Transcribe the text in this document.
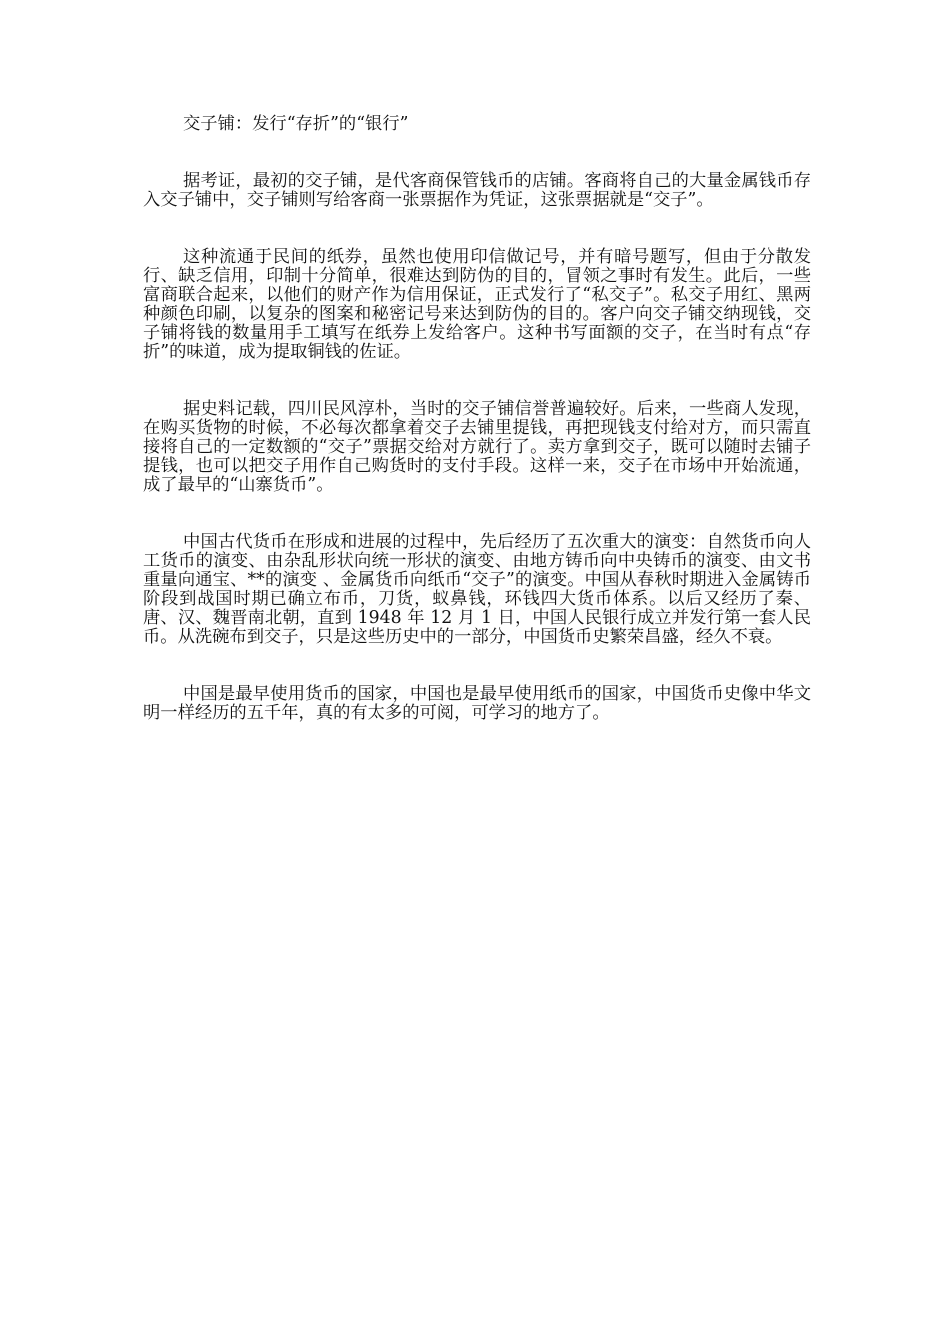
交子铺：发行“存折”的“银行”

据考证，最初的交子铺，是代客商保管钱币的店铺。客商将自己的大量金属钱币存入交子铺中，交子铺则写给客商一张票据作为凭证，这张票据就是“交子”。

这种流通于民间的纸券，虽然也使用印信做记号，并有暗号题写，但由于分散发行、缺乏信用，印制十分简单，很难达到防伪的目的，冒领之事时有发生。此后，一些富商联合起来，以他们的财产作为信用保证，正式发行了“私交子”。私交子用红、黑两种颜色印刷，以复杂的图案和秘密记号来达到防伪的目的。客户向交子铺交纳现钱，交子铺将钱的数量用手工填写在纸券上发给客户。这种书写面额的交子，在当时有点“存折”的味道，成为提取铜钱的佐证。

据史料记载，四川民风淳朴，当时的交子铺信誉普遍较好。后来，一些商人发现，在购买货物的时候，不必每次都拿着交子去铺里提钱，再把现钱支付给对方，而只需直接将自己的一定数额的“交子”票据交给对方就行了。卖方拿到交子，既可以随时去铺子提钱，也可以把交子用作自己购货时的支付手段。这样一来，交子在市场中开始流通，成了最早的“山寨货币”。

中国古代货币在形成和进展的过程中，先后经历了五次重大的演变：自然货币向人工货币的演变、由杂乱形状向统一形状的演变、由地方铸币向中央铸币的演变、由文书重量向通宝、**的演变 、金属货币向纸币“交子”的演变。中国从春秋时期进入金属铸币阶段到战国时期已确立布币，刀货，蚁鼻钱，环钱四大货币体系。以后又经历了秦、唐、汉、魏晋南北朝，直到 1948 年 12 月 1 日，中国人民银行成立并发行第一套人民币。从洗碗布到交子，只是这些历史中的一部分，中国货币史繁荣昌盛，经久不衰。

中国是最早使用货币的国家，中国也是最早使用纸币的国家，中国货币史像中华文明一样经历的五千年，真的有太多的可阅，可学习的地方了。
